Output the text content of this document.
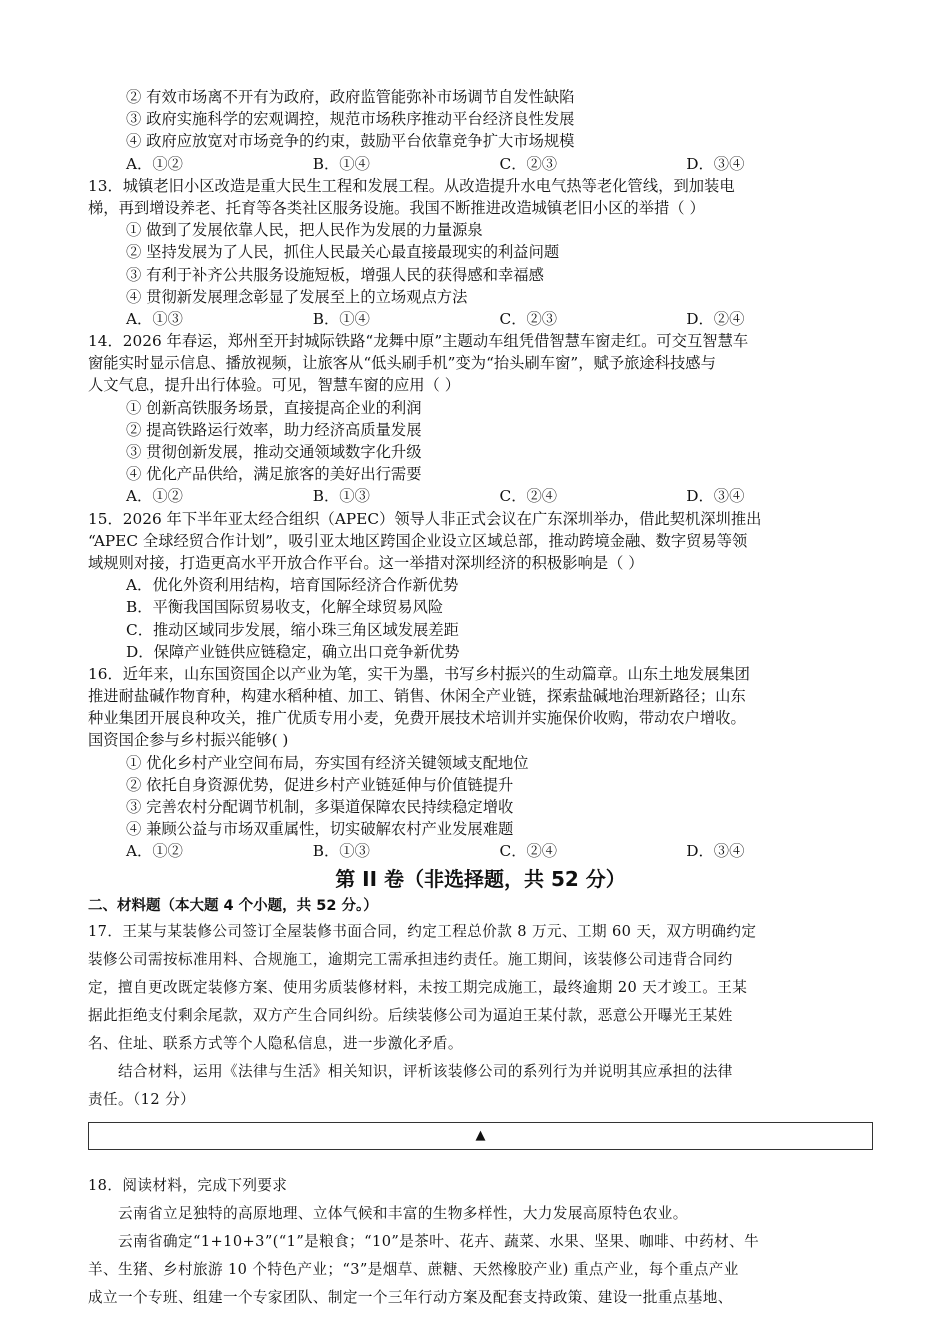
② 有效市场离不开有为政府，政府监管能弥补市场调节自发性缺陷
③ 政府实施科学的宏观调控，规范市场秩序推动平台经济良性发展
④ 政府应放宽对市场竞争的约束，鼓励平台依靠竞争扩大市场规模
A．①②	B．①④	C．②③	D．③④
13．城镇老旧小区改造是重大民生工程和发展工程。从改造提升水电气热等老化管线，到加装电
梯，再到增设养老、托育等各类社区服务设施。我国不断推进改造城镇老旧小区的举措（ ）
① 做到了发展依靠人民，把人民作为发展的力量源泉
② 坚持发展为了人民，抓住人民最关心最直接最现实的利益问题
③ 有利于补齐公共服务设施短板，增强人民的获得感和幸福感
④ 贯彻新发展理念彰显了发展至上的立场观点方法
A．①③	B．①④	C．②③	D．②④
14．2026 年春运，郑州至开封城际铁路“龙舞中原”主题动车组凭借智慧车窗走红。可交互智慧车
窗能实时显示信息、播放视频，让旅客从“低头刷手机”变为“抬头刷车窗”，赋予旅途科技感与
人文气息，提升出行体验。可见，智慧车窗的应用（ ）
① 创新高铁服务场景，直接提高企业的利润
② 提高铁路运行效率，助力经济高质量发展
③ 贯彻创新发展，推动交通领域数字化升级
④ 优化产品供给，满足旅客的美好出行需要
A．①②	B．①③	C．②④	D．③④
15．2026 年下半年亚太经合组织（APEC）领导人非正式会议在广东深圳举办，借此契机深圳推出
“APEC 全球经贸合作计划”，吸引亚太地区跨国企业设立区域总部，推动跨境金融、数字贸易等领
域规则对接，打造更高水平开放合作平台。这一举措对深圳经济的积极影响是（ ）
A．优化外资利用结构，培育国际经济合作新优势
B．平衡我国国际贸易收支，化解全球贸易风险
C．推动区域同步发展，缩小珠三角区域发展差距
D．保障产业链供应链稳定，确立出口竞争新优势
16．近年来，山东国资国企以产业为笔，实干为墨，书写乡村振兴的生动篇章。山东土地发展集团
推进耐盐碱作物育种，构建水稻种植、加工、销售、休闲全产业链，探索盐碱地治理新路径；山东
种业集团开展良种攻关，推广优质专用小麦，免费开展技术培训并实施保价收购，带动农户增收。
国资国企参与乡村振兴能够( )
① 优化乡村产业空间布局，夯实国有经济关键领域支配地位
② 依托自身资源优势，促进乡村产业链延伸与价值链提升
③ 完善农村分配调节机制，多渠道保障农民持续稳定增收
④ 兼顾公益与市场双重属性，切实破解农村产业发展难题
A．①②	B．①③	C．②④	D．③④
第 II 卷（非选择题，共 52 分）
二、材料题（本大题 4 个小题，共 52 分。）
17．王某与某装修公司签订全屋装修书面合同，约定工程总价款 8 万元、工期 60 天，双方明确约定
装修公司需按标准用料、合规施工，逾期完工需承担违约责任。施工期间，该装修公司违背合同约
定，擅自更改既定装修方案、使用劣质装修材料，未按工期完成施工，最终逾期 20 天才竣工。王某
据此拒绝支付剩余尾款，双方产生合同纠纷。后续装修公司为逼迫王某付款，恶意公开曝光王某姓
名、住址、联系方式等个人隐私信息，进一步激化矛盾。
结合材料，运用《法律与生活》相关知识，评析该装修公司的系列行为并说明其应承担的法律
责任。（12 分）
▲
18．阅读材料，完成下列要求
云南省立足独特的高原地理、立体气候和丰富的生物多样性，大力发展高原特色农业。
云南省确定“1+10+3”(“1”是粮食；“10”是茶叶、花卉、蔬菜、水果、坚果、咖啡、中药材、牛
羊、生猪、乡村旅游 10 个特色产业；“3”是烟草、蔗糖、天然橡胶产业) 重点产业，每个重点产业
成立一个专班、组建一个专家团队、制定一个三年行动方案及配套支持政策、建设一批重点基地、
